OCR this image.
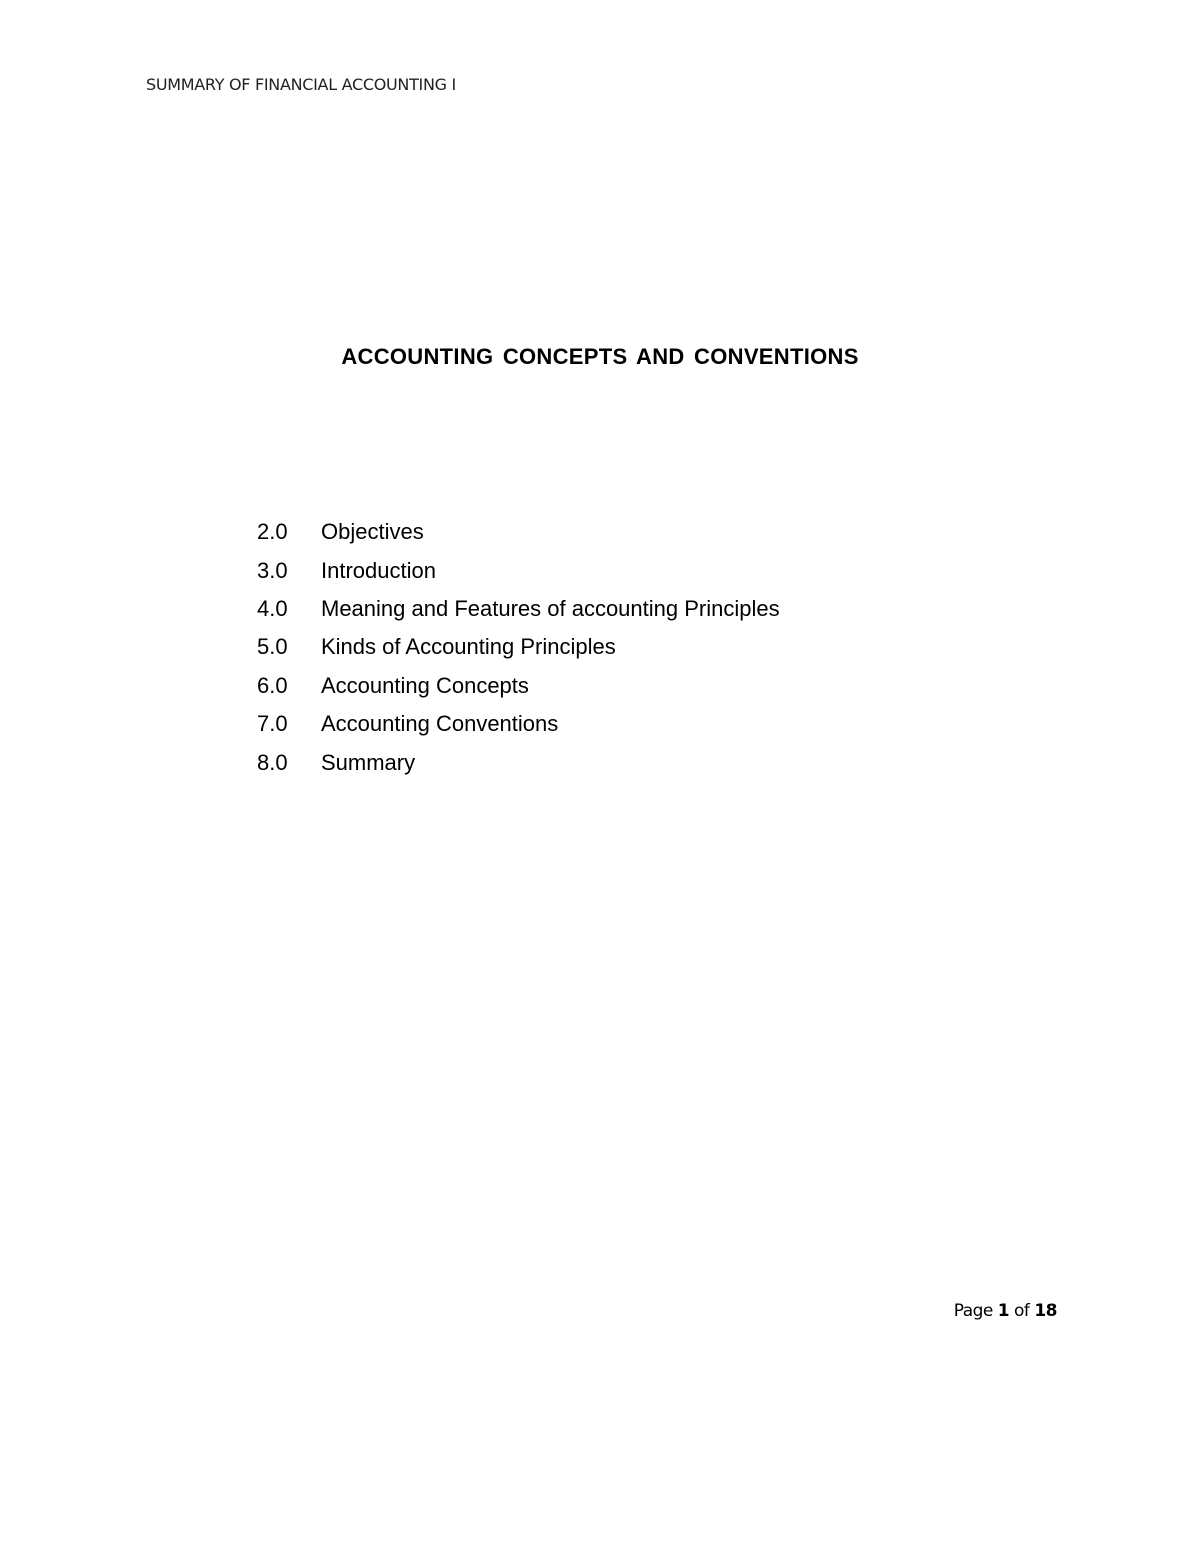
SUMMARY OF FINANCIAL ACCOUNTING I
ACCOUNTING CONCEPTS AND CONVENTIONS
2.0	Objectives
3.0	Introduction
4.0	Meaning and Features of accounting Principles
5.0	Kinds of Accounting Principles
6.0	Accounting Concepts
7.0	Accounting Conventions
8.0	Summary
Page 1 of 18
